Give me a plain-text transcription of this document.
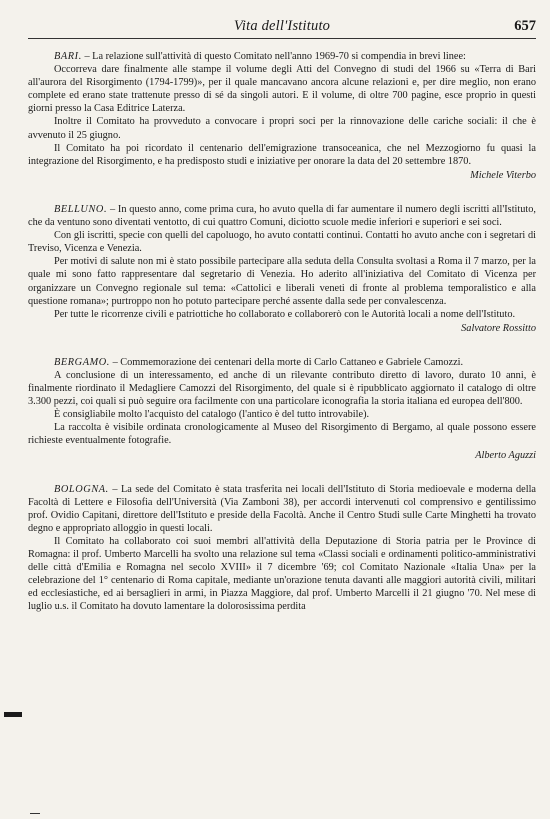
Vita dell'Istituto	657

BARI. – La relazione sull'attività di questo Comitato nell'anno 1969-70 si compendia in brevi linee:

Occorreva dare finalmente alle stampe il volume degli Atti del Convegno di studi del 1966 su «Terra di Bari all'aurora del Risorgimento (1794-1799)», per il quale mancavano ancora alcune relazioni e, per dire meglio, non erano complete ed erano state trattenute presso di sé da singoli autori. E il volume, di oltre 700 pagine, esce proprio in questi giorni presso la Casa Editrice Laterza.

Inoltre il Comitato ha provveduto a convocare i propri soci per la rinnovazione delle cariche sociali: il che è avvenuto il 25 giugno.

Il Comitato ha poi ricordato il centenario dell'emigrazione transoceanica, che nel Mezzogiorno fu quasi la integrazione del Risorgimento, e ha predisposto studi e iniziative per onorare la data del 20 settembre 1870.

Michele Viterbo

BELLUNO. – In questo anno, come prima cura, ho avuto quella di far aumentare il numero degli iscritti all'Istituto, che da ventuno sono diventati ventotto, di cui quattro Comuni, diciotto scuole medie inferiori e superiori e sei soci.

Con gli iscritti, specie con quelli del capoluogo, ho avuto contatti continui. Contatti ho avuto anche con i segretari di Treviso, Vicenza e Venezia.

Per motivi di salute non mi è stato possibile partecipare alla seduta della Consulta svoltasi a Roma il 7 marzo, per la quale mi sono fatto rappresentare dal segretario di Venezia. Ho aderito all'iniziativa del Comitato di Vicenza per organizzare un Convegno regionale sul tema: «Cattolici e liberali veneti di fronte al problema temporalistico e alla questione romana»; purtroppo non ho potuto partecipare perché assente dalla sede per convalescenza.

Per tutte le ricorrenze civili e patriottiche ho collaborato e collaborerò con le Autorità locali a nome dell'Istituto.

Salvatore Rossitto

BERGAMO. – Commemorazione dei centenari della morte di Carlo Cattaneo e Gabriele Camozzi.

A conclusione di un interessamento, ed anche di un rilevante contributo diretto di lavoro, durato 10 anni, è finalmente riordinato il Medagliere Camozzi del Risorgimento, del quale si è ripubblicato aggiornato il catalogo di oltre 3.300 pezzi, coi quali si può seguire ora facilmente con una particolare iconografia la storia italiana ed europea dell'800.

È consigliabile molto l'acquisto del catalogo (l'antico è del tutto introvabile).

La raccolta è visibile ordinata cronologicamente al Museo del Risorgimento di Bergamo, al quale possono essere richieste eventualmente fotografie.

Alberto Aguzzi

BOLOGNA. – La sede del Comitato è stata trasferita nei locali dell'Istituto di Storia medioevale e moderna della Facoltà di Lettere e Filosofia dell'Università (Via Zamboni 38), per accordi intervenuti col comprensivo e gentilissimo prof. Ovidio Capitani, direttore dell'Istituto e preside della Facoltà. Anche il Centro Studi sulle Carte Minghetti ha trovato degno e appropriato alloggio in questi locali.

Il Comitato ha collaborato coi suoi membri all'attività della Deputazione di Storia patria per le Province di Romagna: il prof. Umberto Marcelli ha svolto una relazione sul tema «Classi sociali e ordinamenti politico-amministrativi delle città d'Emilia e Romagna nel secolo XVIII» il 7 dicembre '69; col Comitato Nazionale «Italia Una» per la celebrazione del 1° centenario di Roma capitale, mediante un'orazione tenuta davanti alle maggiori autorità civili, militari ed ecclesiastiche, ed ai bersaglieri in armi, in Piazza Maggiore, dal prof. Umberto Marcelli il 21 giugno '70. Nel mese di luglio u.s. il Comitato ha dovuto lamentare la dolorosissima perdita
